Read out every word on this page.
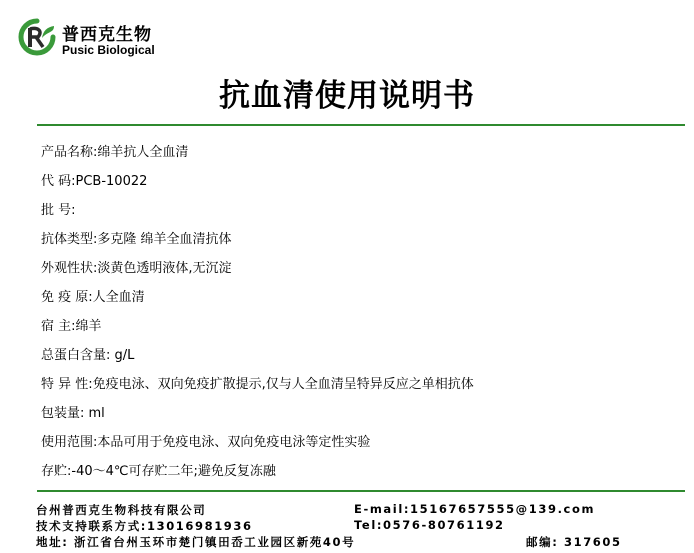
普西克生物
Pusic Biological
抗血清使用说明书
产品名称:绵羊抗人全血清
代 码:PCB-10022
批 号:
抗体类型:多克隆 绵羊全血清抗体
外观性状:淡黄色透明液体,无沉淀
免 疫 原:人全血清
宿 主:绵羊
总蛋白含量: g/L
特 异 性:免疫电泳、双向免疫扩散提示,仅与人全血清呈特异反应之单相抗体
包装量: ml
使用范围:本品可用于免疫电泳、双向免疫电泳等定性实验
存贮:-40～4℃可存贮二年;避免反复冻融
台州普西克生物科技有限公司	E-mail:15167657555@139.com
技术支持联系方式:13016981936	Tel:0576-80761192
地址: 浙江省台州玉环市楚门镇田岙工业园区新苑40号	邮编: 317605
